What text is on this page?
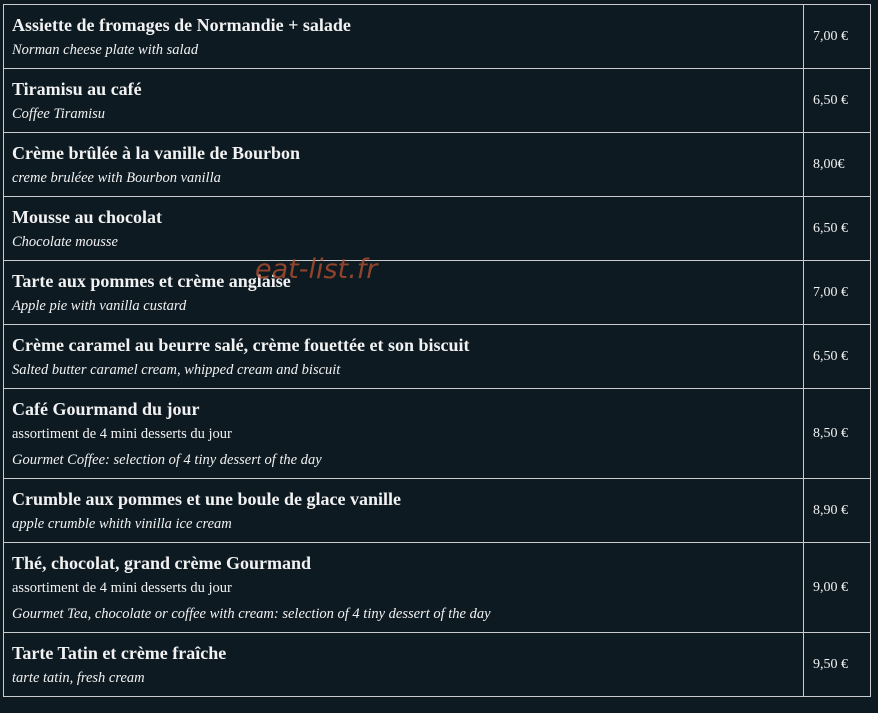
Assiette de fromages de Normandie + salade
Norman cheese plate with salad	7,00 €

Tiramisu au café
Coffee Tiramisu	6,50 €

Crème brûlée à la vanille de Bourbon
creme bruléee with Bourbon vanilla	8,00€

Mousse au chocolat
Chocolate mousse	6,50 €

Tarte aux pommes et crème anglaise
Apple pie with vanilla custard	7,00 €

Crème caramel au beurre salé, crème fouettée et son biscuit
Salted butter caramel cream, whipped cream and biscuit	6,50 €

Café Gourmand du jour
assortiment de 4 mini desserts du jour
Gourmet Coffee: selection of 4 tiny dessert of the day	8,50 €

Crumble aux pommes et une boule de glace vanille
apple crumble whith vinilla ice cream	8,90 €

Thé, chocolat, grand crème Gourmand
assortiment de 4 mini desserts du jour
Gourmet Tea, chocolate or coffee with cream: selection of 4 tiny dessert of the day	9,00 €

Tarte Tatin et crème fraîche
tarte tatin, fresh cream	9,50 €
eat-list.fr
